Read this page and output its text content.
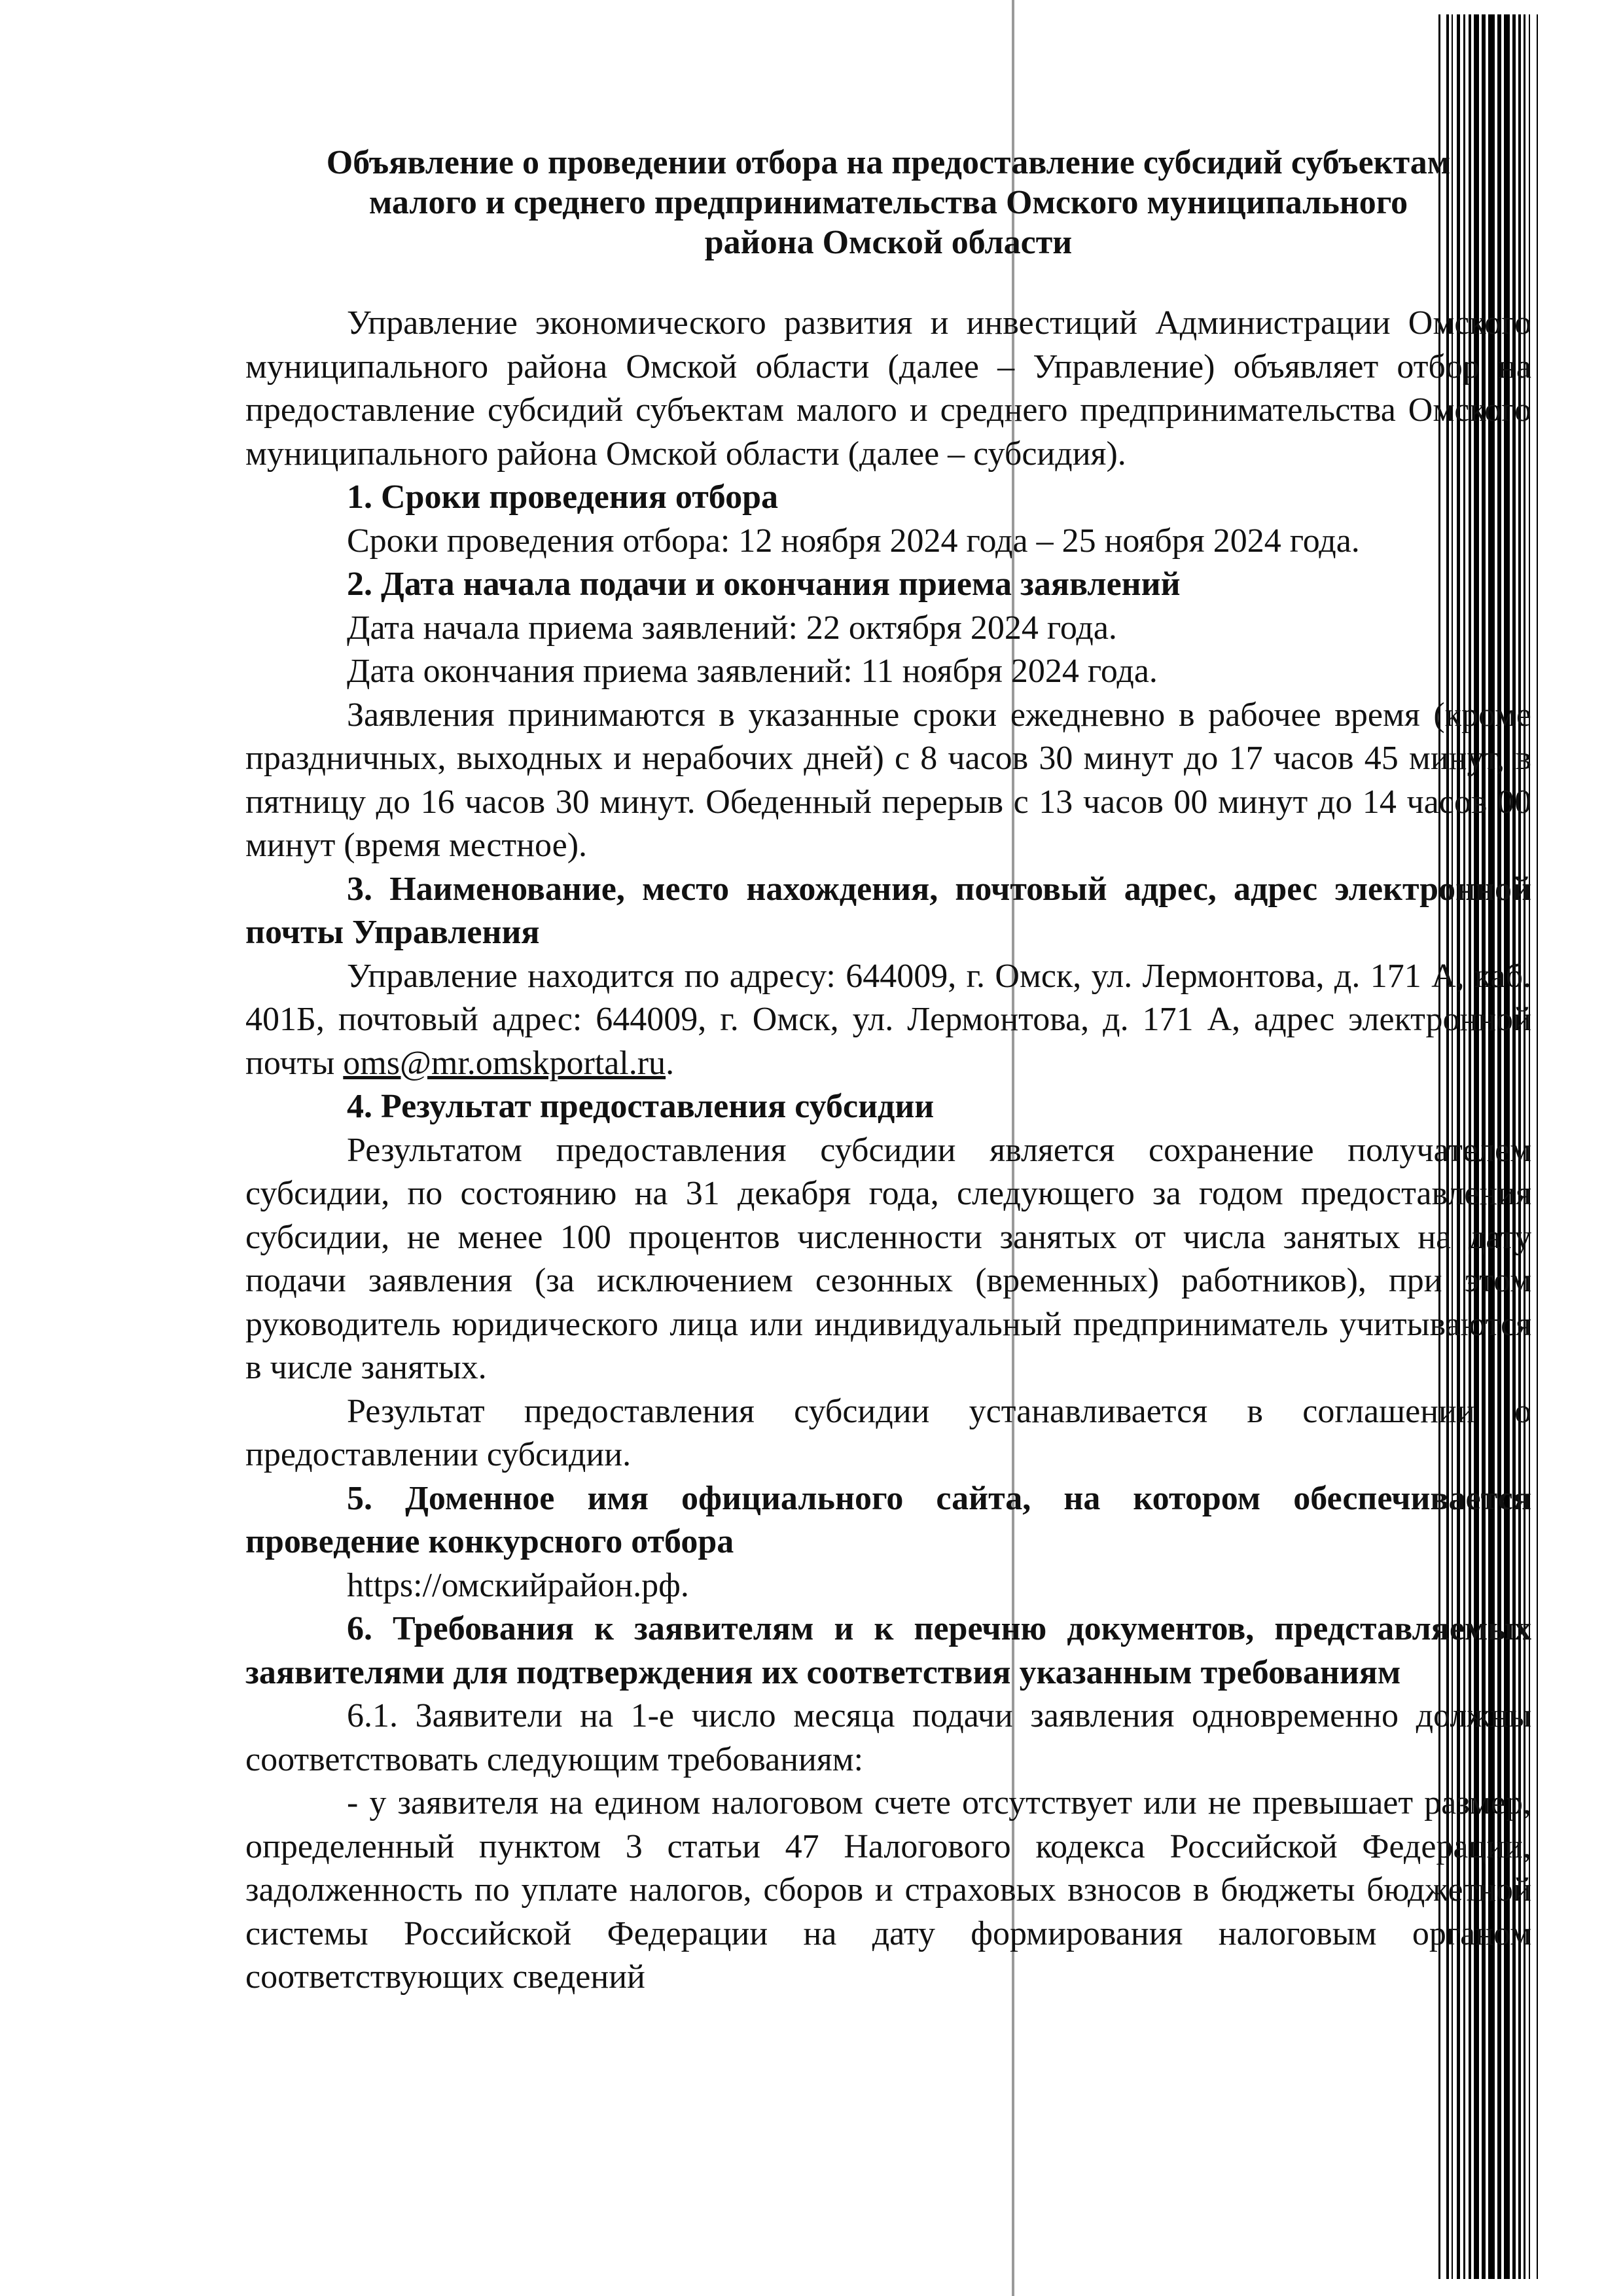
Объявление о проведении отбора на предоставление субсидий субъектам
малого и среднего предпринимательства Омского муниципального
района Омской области

Управление экономического развития и инвестиций Администрации Омского муниципального района Омской области (далее – Управление) объявляет отбор на предоставление субсидий субъектам малого и среднего предпринимательства Омского муниципального района Омской области (далее – субсидия).

1. Сроки проведения отбора

Сроки проведения отбора: 12 ноября 2024 года – 25 ноября 2024 года.

2. Дата начала подачи и окончания приема заявлений

Дата начала приема заявлений: 22 октября 2024 года.

Дата окончания приема заявлений: 11 ноября 2024 года.

Заявления принимаются в указанные сроки ежедневно в рабочее время (кроме праздничных, выходных и нерабочих дней) с 8 часов 30 минут до 17 часов 45 минут, в пятницу до 16 часов 30 минут. Обеденный перерыв с 13 часов 00 минут до 14 часов 00 минут (время местное).

3. Наименование, место нахождения, почтовый адрес, адрес электронной почты Управления

Управление находится по адресу: 644009, г. Омск, ул. Лермонтова, д. 171 А, каб. 401Б, почтовый адрес: 644009, г. Омск, ул. Лермонтова, д. 171 А, адрес электронной почты oms@mr.omskportal.ru.

4. Результат предоставления субсидии

Результатом предоставления субсидии является сохранение получателем субсидии, по состоянию на 31 декабря года, следующего за годом предоставления субсидии, не менее 100 процентов численности занятых от числа занятых на дату подачи заявления (за исключением сезонных (временных) работников), при этом руководитель юридического лица или индивидуальный предприниматель учитываются в числе занятых.

Результат предоставления субсидии устанавливается в соглашении о предоставлении субсидии.

5. Доменное имя официального сайта, на котором обеспечивается проведение конкурсного отбора

https://омскийрайон.рф.

6. Требования к заявителям и к перечню документов, представляемых заявителями для подтверждения их соответствия указанным требованиям

6.1. Заявители на 1-е число месяца подачи заявления одновременно должны соответствовать следующим требованиям:

- у заявителя на едином налоговом счете отсутствует или не превышает размер, определенный пунктом 3 статьи 47 Налогового кодекса Российской Федерации, задолженность по уплате налогов, сборов и страховых взносов в бюджеты бюджетной системы Российской Федерации на дату формирования налоговым органом соответствующих сведений
